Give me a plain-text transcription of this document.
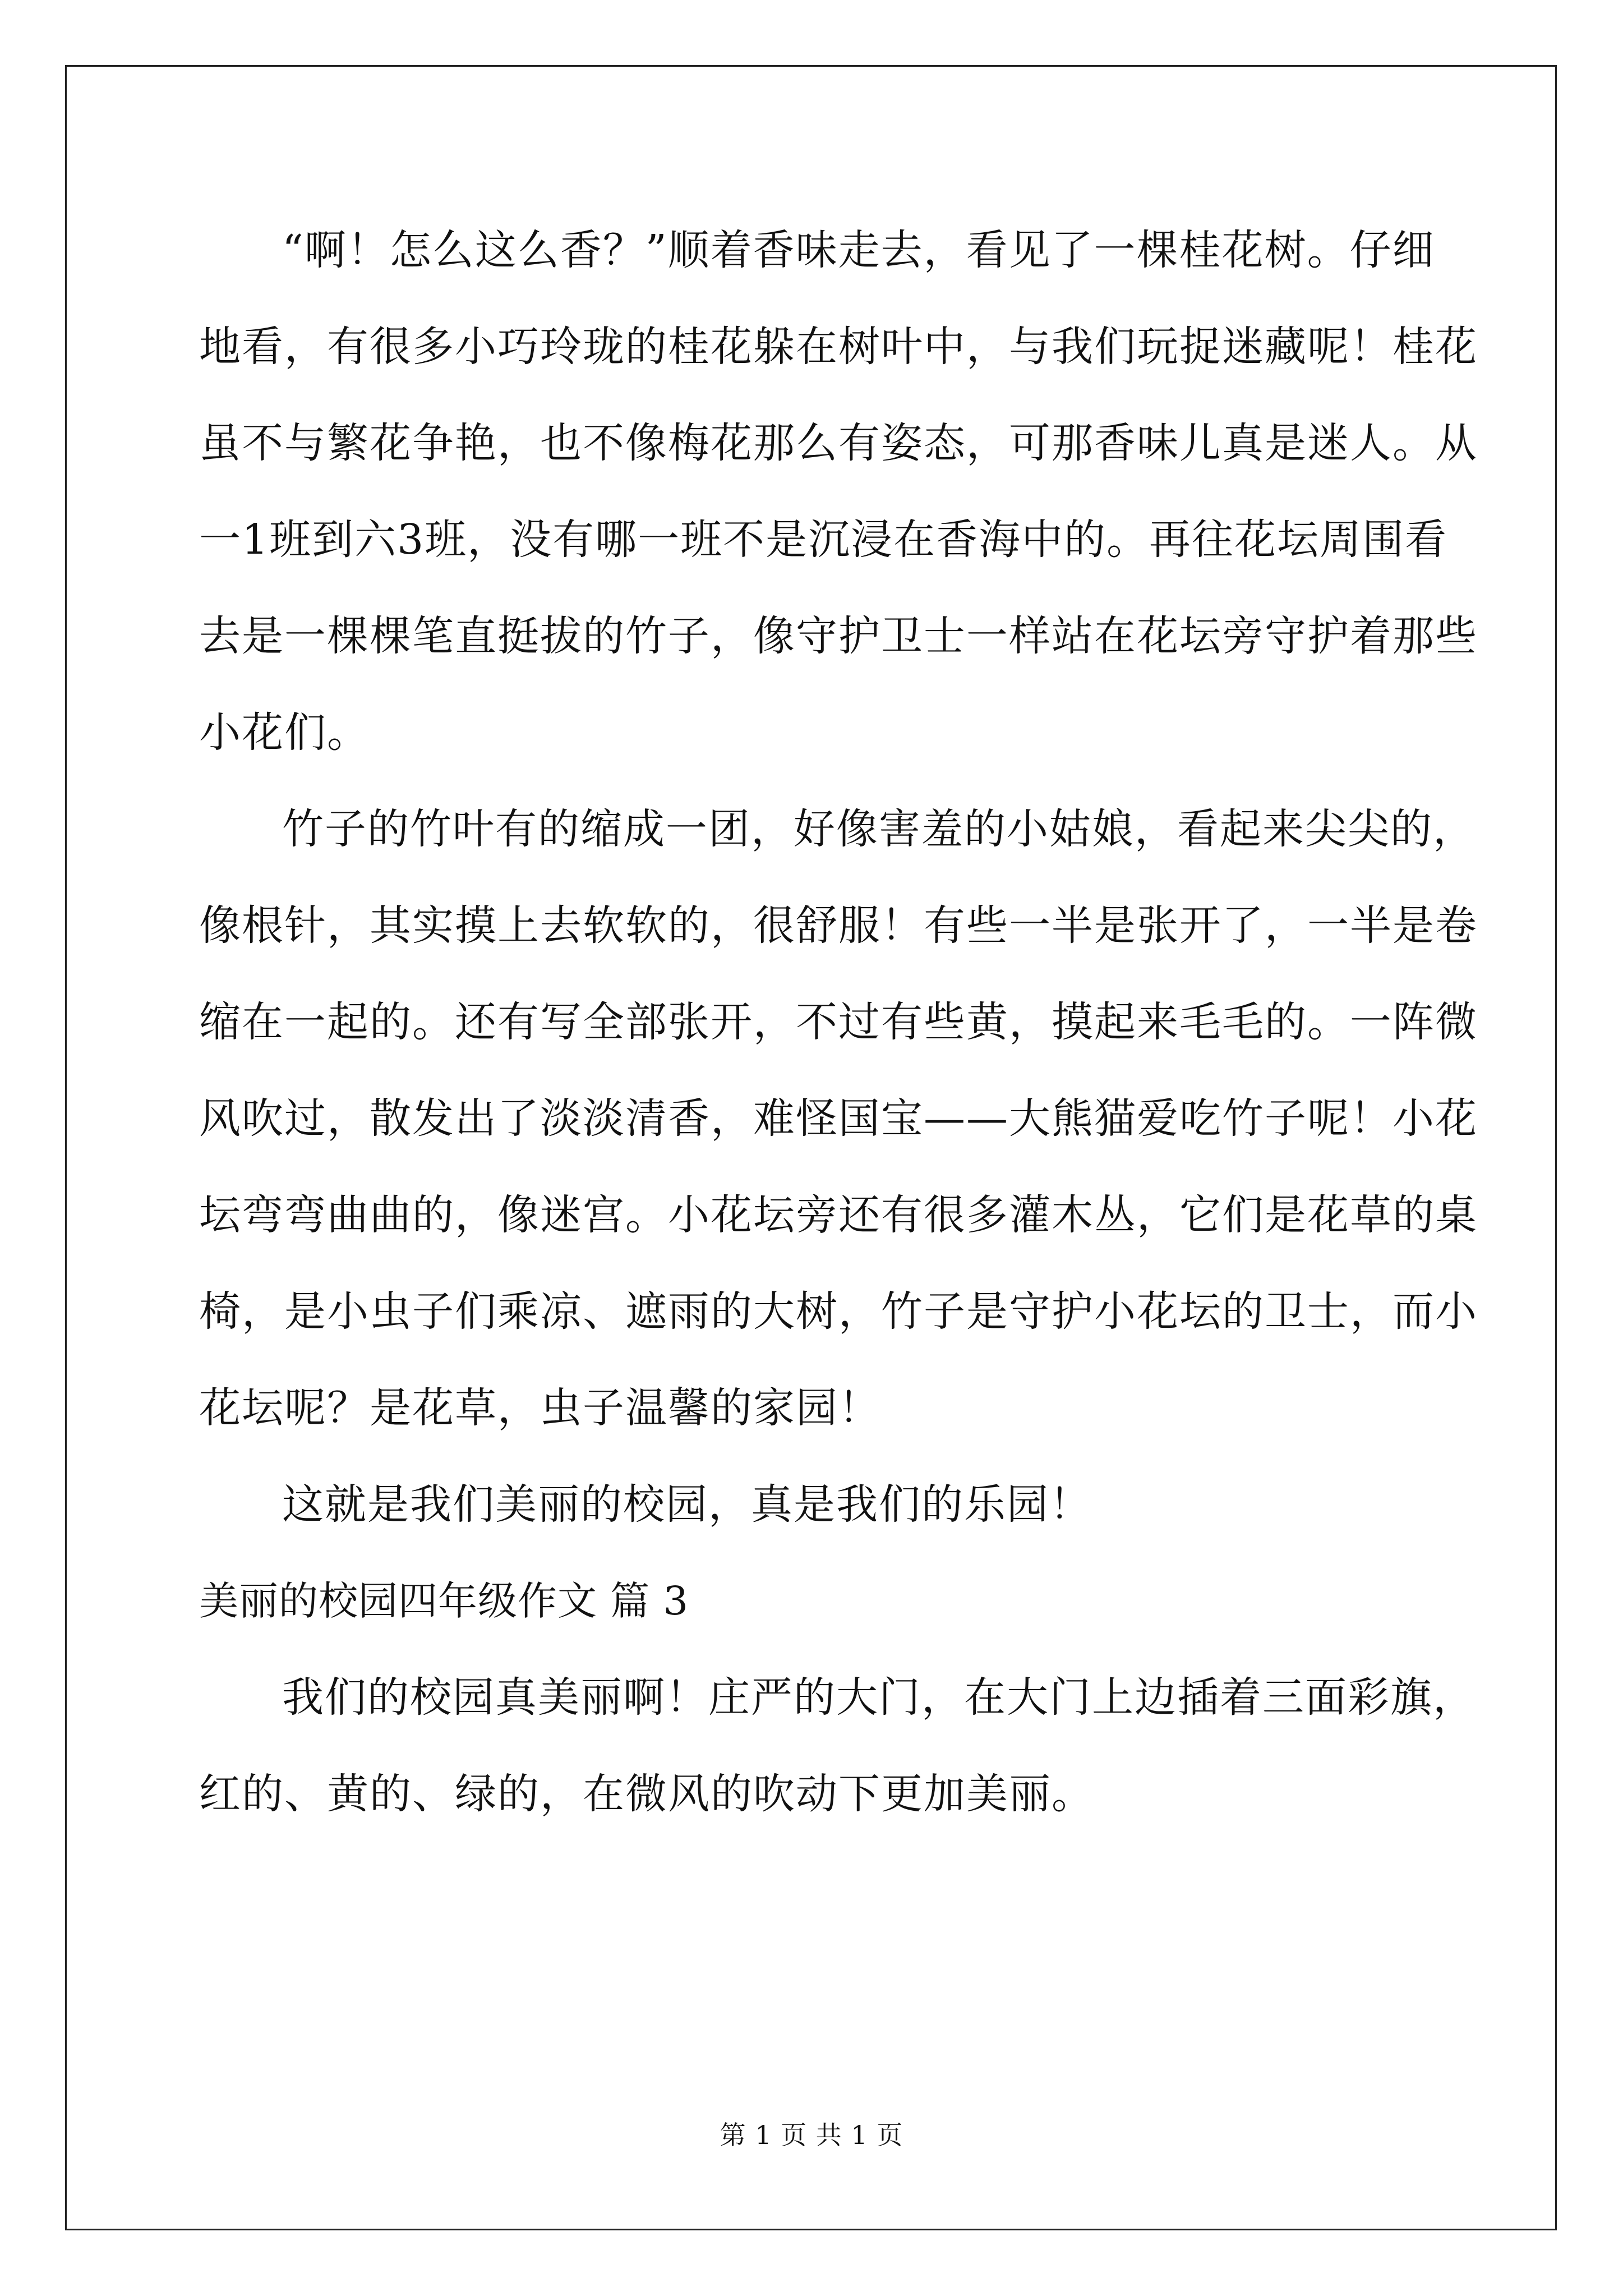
“啊！怎么这么香？”顺着香味走去，看见了一棵桂花树。仔细
地看，有很多小巧玲珑的桂花躲在树叶中，与我们玩捉迷藏呢！桂花
虽不与繁花争艳，也不像梅花那么有姿态，可那香味儿真是迷人。从
一1班到六3班，没有哪一班不是沉浸在香海中的。再往花坛周围看
去是一棵棵笔直挺拔的竹子，像守护卫士一样站在花坛旁守护着那些
小花们。
竹子的竹叶有的缩成一团，好像害羞的小姑娘，看起来尖尖的，
像根针，其实摸上去软软的，很舒服！有些一半是张开了，一半是卷
缩在一起的。还有写全部张开，不过有些黄，摸起来毛毛的。一阵微
风吹过，散发出了淡淡清香，难怪国宝——大熊猫爱吃竹子呢！小花
坛弯弯曲曲的，像迷宫。小花坛旁还有很多灌木丛，它们是花草的桌
椅，是小虫子们乘凉、遮雨的大树，竹子是守护小花坛的卫士，而小
花坛呢？是花草，虫子温馨的家园！
这就是我们美丽的校园，真是我们的乐园！
美丽的校园四年级作文 篇 3
我们的校园真美丽啊！庄严的大门，在大门上边插着三面彩旗，
红的、黄的、绿的，在微风的吹动下更加美丽。
第 1 页 共 1 页
